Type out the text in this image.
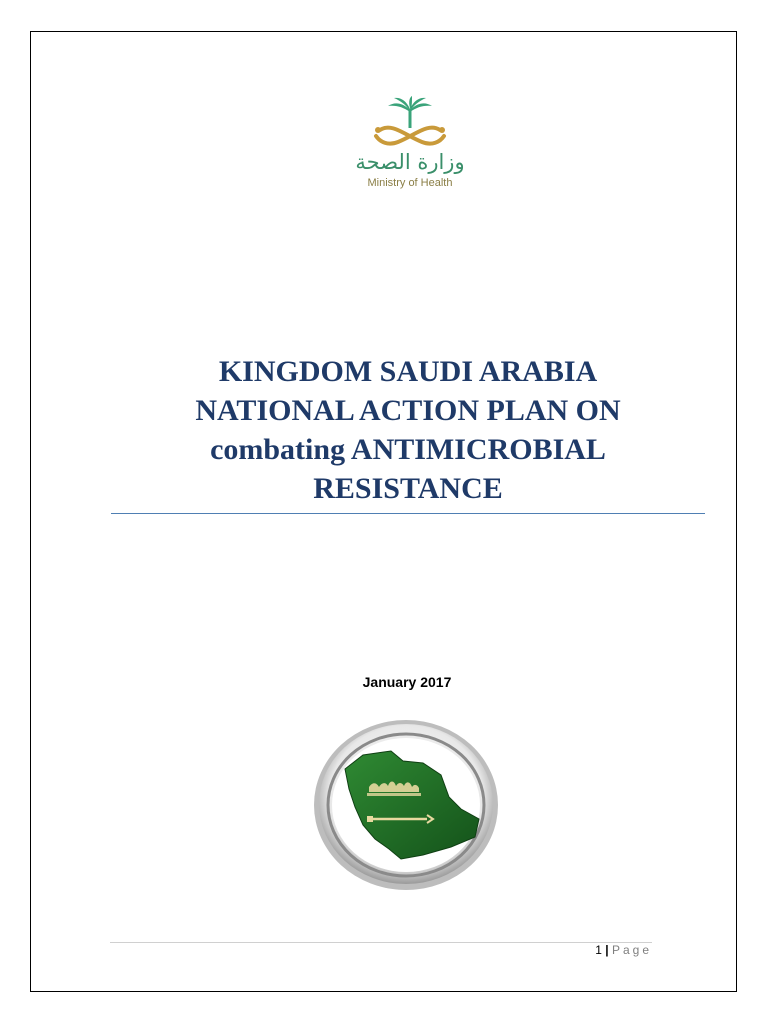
وزارة الصحة
Ministry of Health
KINGDOM SAUDI ARABIA
NATIONAL ACTION PLAN ON
combating ANTIMICROBIAL
RESISTANCE
January 2017
1 | Page
